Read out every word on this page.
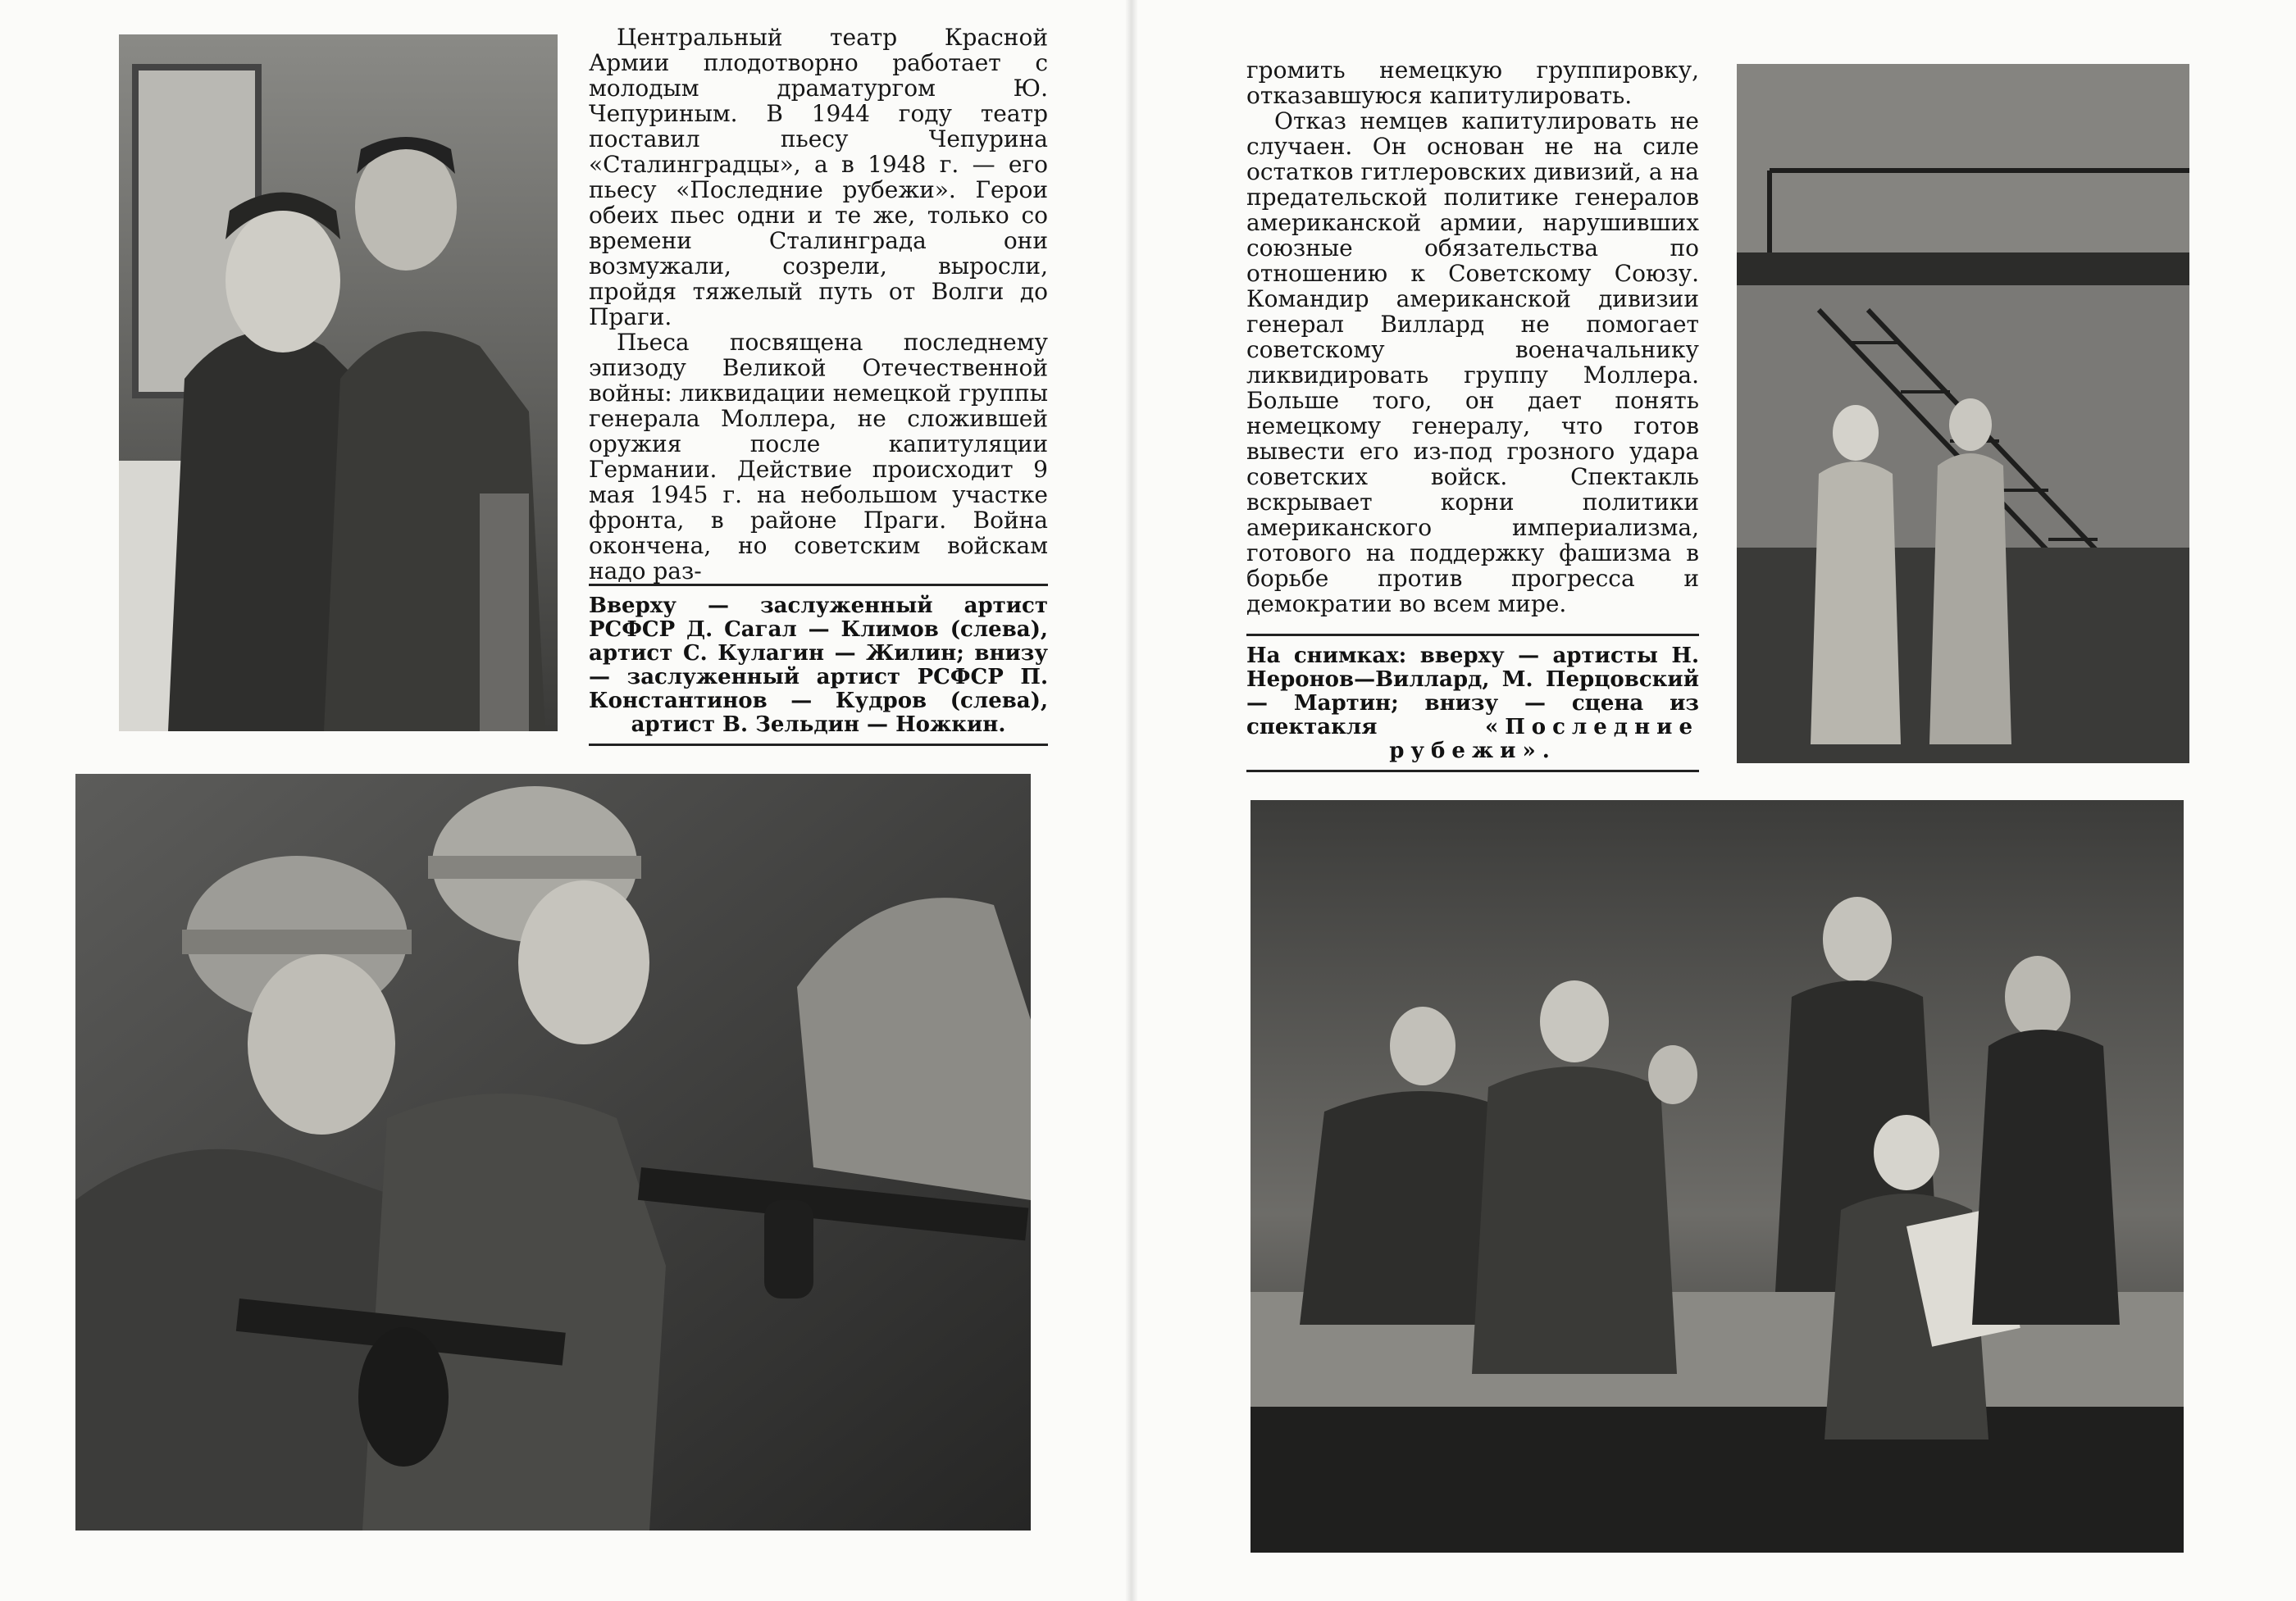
Центральный театр Красной Армии плодотворно работает с молодым драматургом Ю. Чепуриным. В 1944 году театр поставил пьесу Чепурина «Сталинградцы», а в 1948 г. — его пьесу «Последние рубежи». Герои обеих пьес одни и те же, только со времени Сталинграда они возмужали, созрели, выросли, пройдя тяжелый путь от Волги до Праги.

Пьеса посвящена последнему эпизоду Великой Отечественной войны: ликвидации немецкой группы генерала Моллера, не сложившей оружия после капитуляции Германии. Действие происходит 9 мая 1945 г. на небольшом участке фронта, в районе Праги. Война окончена, но советским войскам надо раз-

Вверху — заслуженный артист РСФСР Д. Сагал — Климов (слева), артист С. Кулагин — Жилин; внизу — заслуженный артист РСФСР П. Константинов — Кудров (слева), артист В. Зельдин — Ножкин.

громить немецкую группировку, отказавшуюся капитулировать.

Отказ немцев капитулировать не случаен. Он основан не на силе остатков гитлеровских дивизий, а на предательской политике генералов американской армии, нарушивших союзные обязательства по отношению к Советскому Союзу. Командир американской дивизии генерал Виллард не помогает советскому военачальнику ликвидировать группу Моллера. Больше того, он дает понять немецкому генералу, что готов вывести его из-под грозного удара советских войск. Спектакль вскрывает корни политики американского империализма, готового на поддержку фашизма в борьбе против прогресса и демократии во всем мире.

На снимках: вверху — артисты Н. Неронов—Виллард, М. Перцовский — Мартин; внизу — сцена из спектакля	«Последние рубежи».
